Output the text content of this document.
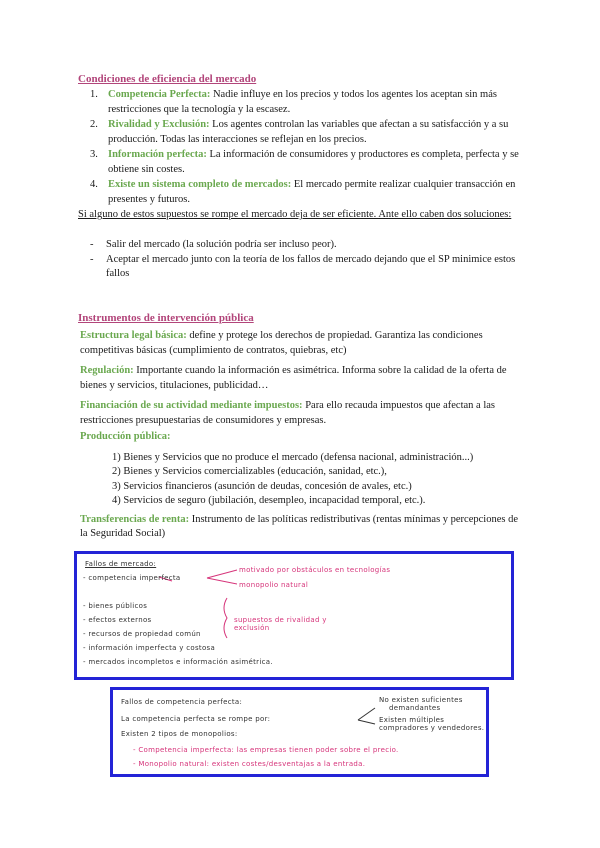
Condiciones de eficiencia del mercado
1. Competencia Perfecta: Nadie influye en los precios y todos los agentes los aceptan sin más restricciones que la tecnología y la escasez.
2. Rivalidad y Exclusión: Los agentes controlan las variables que afectan a su satisfacción y a su producción. Todas las interacciones se reflejan en los precios.
3. Información perfecta: La información de consumidores y productores es completa, perfecta y se obtiene sin costes.
4. Existe un sistema completo de mercados: El mercado permite realizar cualquier transacción en presentes y futuros.
Si alguno de estos supuestos se rompe el mercado deja de ser eficiente. Ante ello caben dos soluciones:
- Salir del mercado (la solución podría ser incluso peor).
- Aceptar el mercado junto con la teoría de los fallos de mercado dejando que el SP minimice estos fallos
Instrumentos de intervención pública

Estructura legal básica: define y protege los derechos de propiedad. Garantiza las condiciones competitivas básicas (cumplimiento de contratos, quiebras, etc)

Regulación: Importante cuando la información es asimétrica. Informa sobre la calidad de la oferta de bienes y servicios, titulaciones, publicidad…

Financiación de su actividad mediante impuestos: Para ello recauda impuestos que afectan a las restricciones presupuestarias de consumidores y empresas.

Producción pública:
1) Bienes y Servicios que no produce el mercado (defensa nacional, administración...)
2) Bienes y Servicios comercializables (educación, sanidad, etc.),
3) Servicios financieros (asunción de deudas, concesión de avales, etc.)
4) Servicios de seguro (jubilación, desempleo, incapacidad temporal, etc.).

Transferencias de renta: Instrumento de las políticas redistributivas (rentas mínimas y percepciones de la Seguridad Social)

Fallos de mercado:
- competencia imperfecta
motivado por obstáculos en tecnologías
monopolio natural
- bienes públicos
- efectos externos	supuestos de rivalidad y exclusión
- recursos de propiedad común
- información imperfecta y costosa
- mercados incompletos e información asimétrica.
Fallos de competencia perfecta:
La competencia perfecta se rompe por:
Existen 2 tipos de monopolios:
- Competencia imperfecta: las empresas tienen poder sobre el precio.
- Monopolio natural: existen costes/desventajas a la entrada.
No existen suficientes
demandantes
Existen múltiples
compradores y vendedores.
